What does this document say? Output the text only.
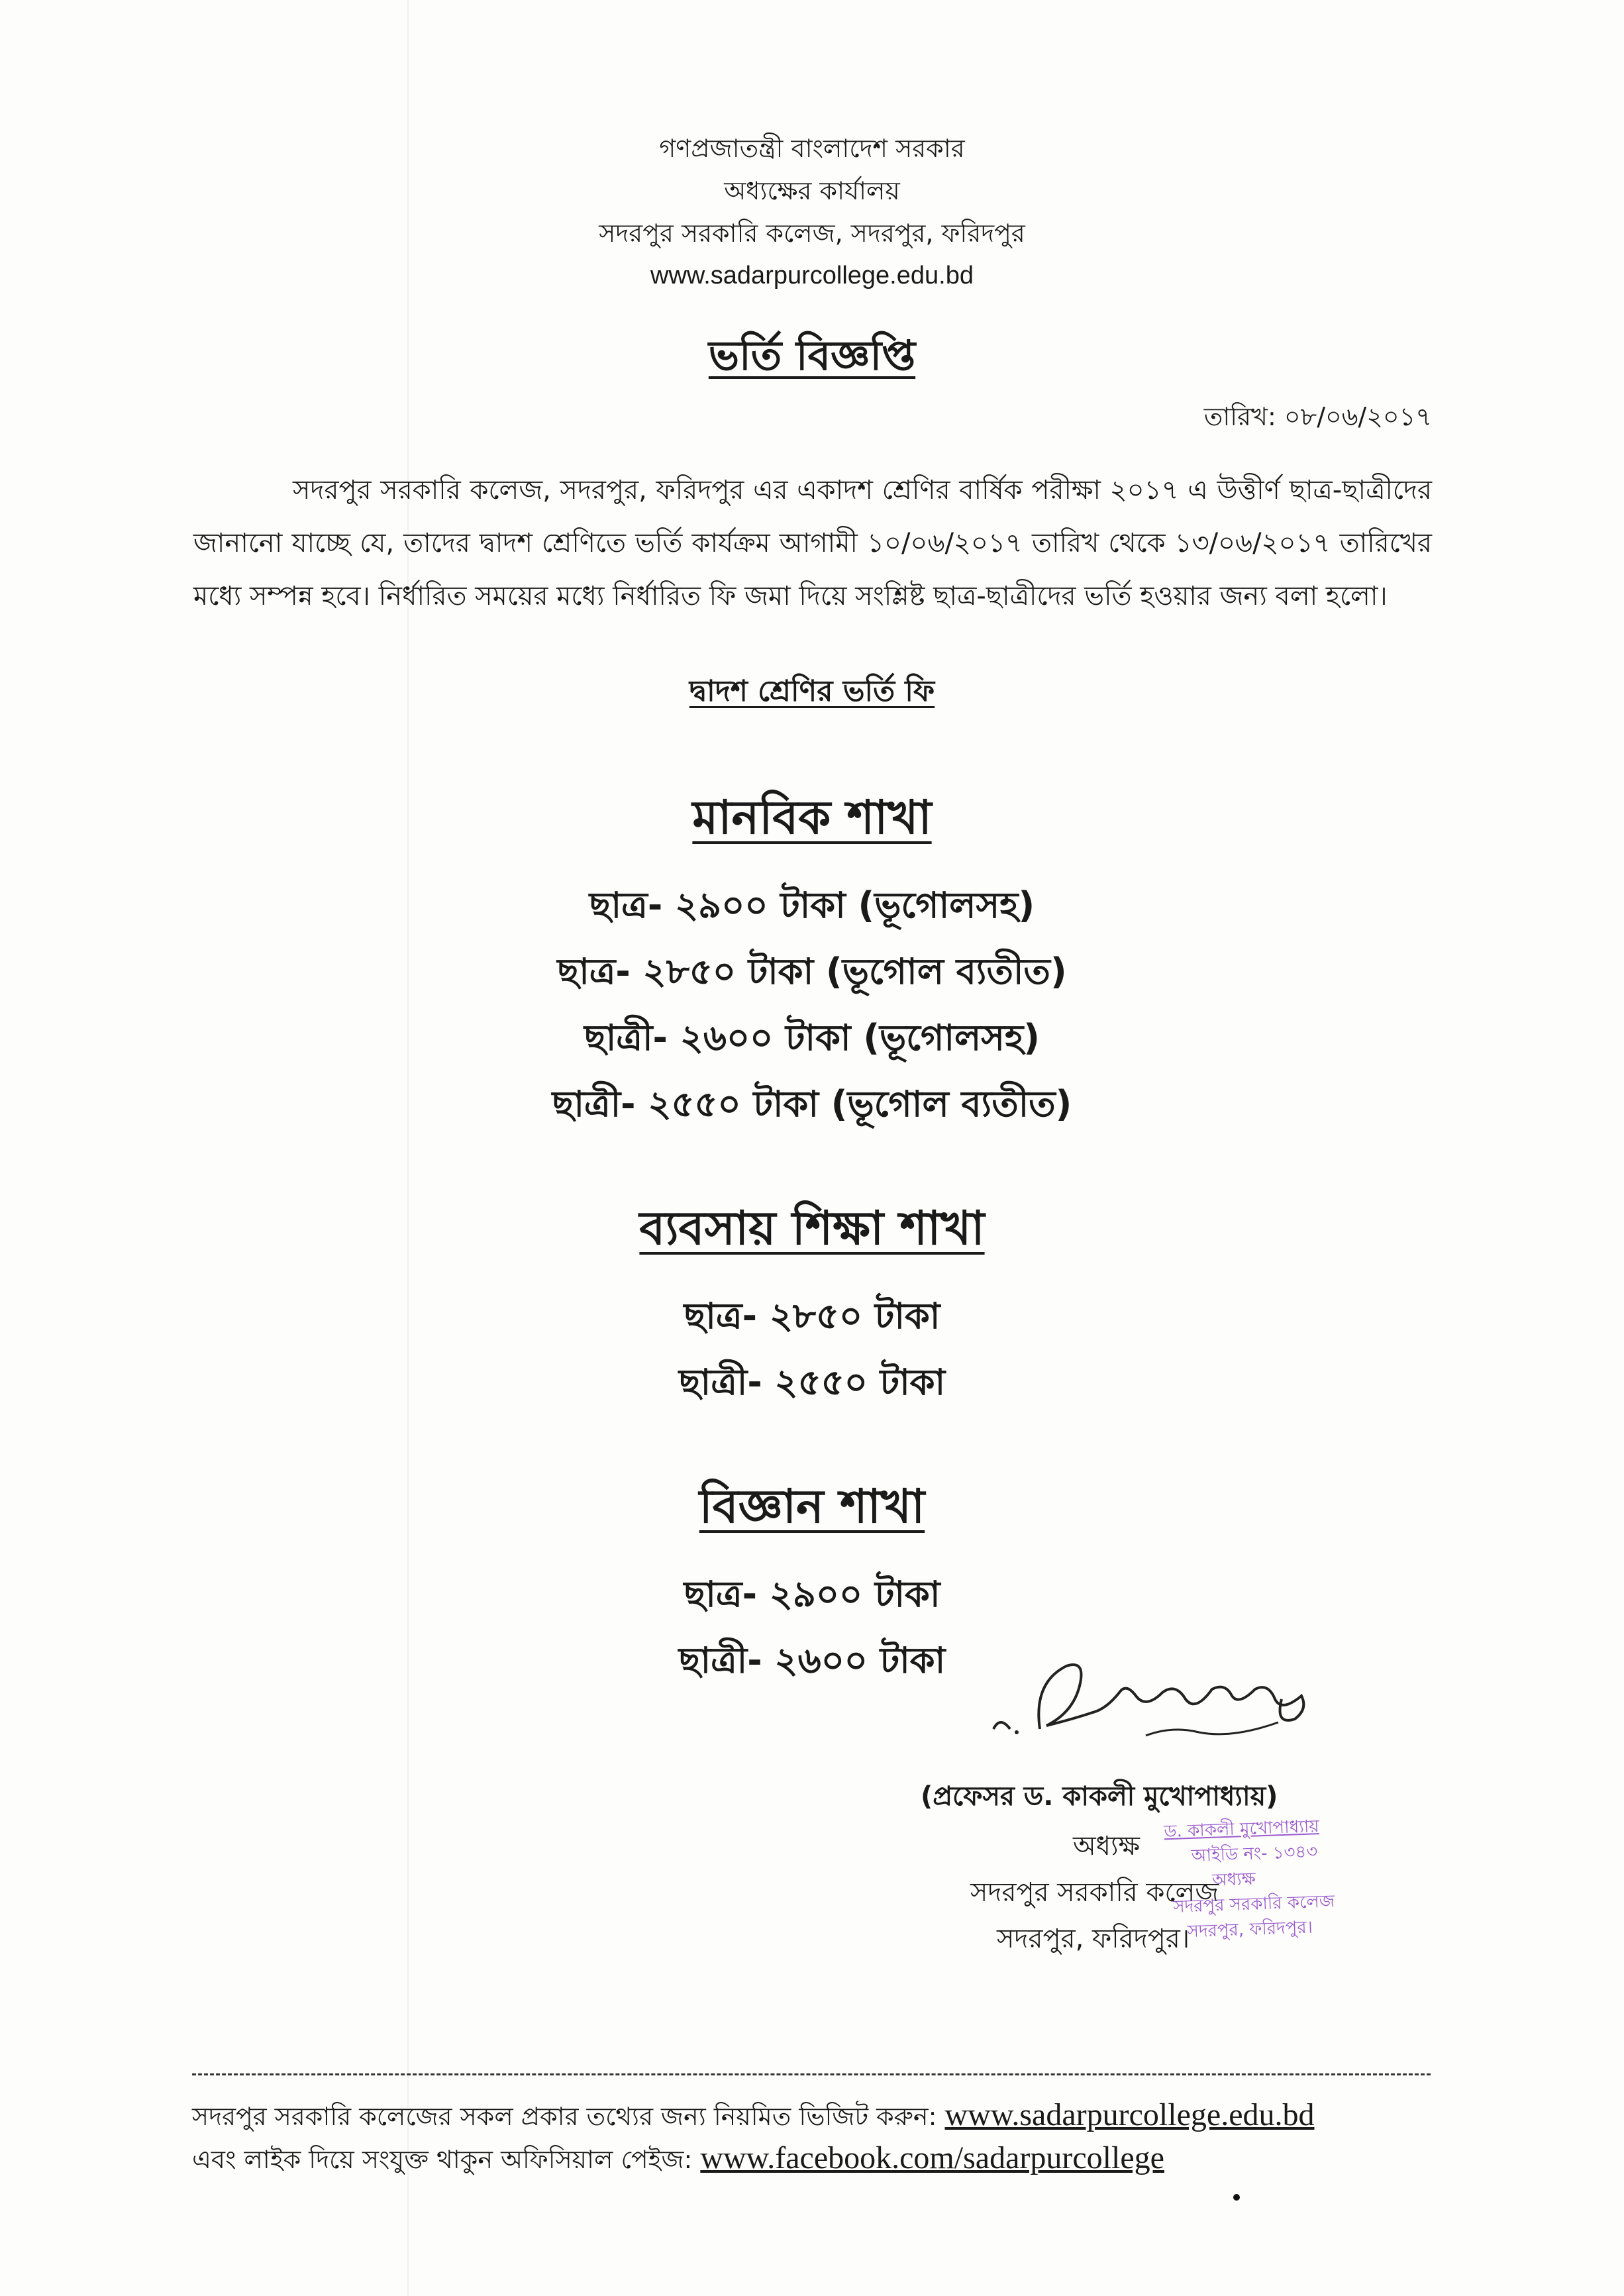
গণপ্রজাতন্ত্রী বাংলাদেশ সরকার
অধ্যক্ষের কার্যালয়
সদরপুর সরকারি কলেজ, সদরপুর, ফরিদপুর
www.sadarpurcollege.edu.bd
ভর্তি বিজ্ঞপ্তি
তারিখ: ০৮/০৬/২০১৭
সদরপুর সরকারি কলেজ, সদরপুর, ফরিদপুর এর একাদশ শ্রেণির বার্ষিক পরীক্ষা ২০১৭ এ উত্তীর্ণ ছাত্র-ছাত্রীদের জানানো যাচ্ছে যে, তাদের দ্বাদশ শ্রেণিতে ভর্তি কার্যক্রম আগামী ১০/০৬/২০১৭ তারিখ থেকে ১৩/০৬/২০১৭ তারিখের মধ্যে সম্পন্ন হবে। নির্ধারিত সময়ের মধ্যে নির্ধারিত ফি জমা দিয়ে সংশ্লিষ্ট ছাত্র-ছাত্রীদের ভর্তি হওয়ার জন্য বলা হলো।
দ্বাদশ শ্রেণির ভর্তি ফি
মানবিক শাখা
ছাত্র- ২৯০০ টাকা (ভূগোলসহ)
ছাত্র- ২৮৫০ টাকা (ভূগোল ব্যতীত)
ছাত্রী- ২৬০০ টাকা (ভূগোলসহ)
ছাত্রী- ২৫৫০ টাকা (ভূগোল ব্যতীত)
ব্যবসায় শিক্ষা শাখা
ছাত্র- ২৮৫০ টাকা
ছাত্রী- ২৫৫০ টাকা
বিজ্ঞান শাখা
ছাত্র- ২৯০০ টাকা
ছাত্রী- ২৬০০ টাকা
(প্রফেসর ড. কাকলী মুখোপাধ্যায়)
অধ্যক্ষ
সদরপুর সরকারি কলেজ
সদরপুর, ফরিদপুর।
ড. কাকলী মুখোপাধ্যায়
আইডি নং- ১৩৪৩
অধ্যক্ষ
সদরপুর সরকারি কলেজ
সদরপুর, ফরিদপুর।
সদরপুর সরকারি কলেজের সকল প্রকার তথ্যের জন্য নিয়মিত ভিজিট করুন: www.sadarpurcollege.edu.bd
এবং লাইক দিয়ে সংযুক্ত থাকুন অফিসিয়াল পেইজ: www.facebook.com/sadarpurcollege
